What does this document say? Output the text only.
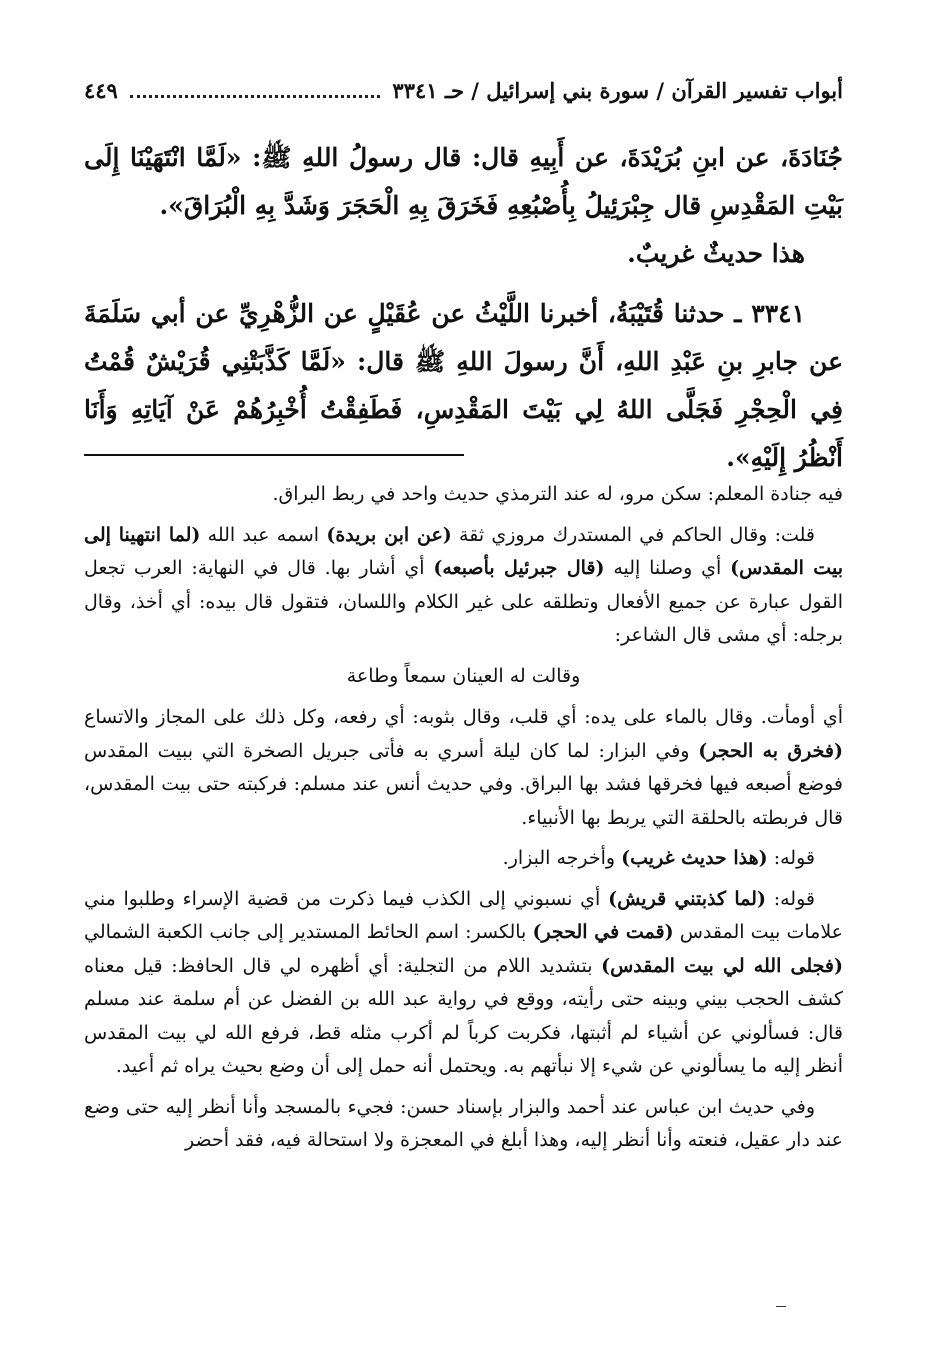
أبواب تفسير القرآن / سورة بني إسرائيل / حـ ٣٣٤١
٤٤٩

جُنَادَةَ، عن ابنِ بُرَيْدَةَ، عن أَبِيهِ قال: قال رسولُ اللهِ ﷺ: «لَمَّا انْتَهَيْنَا إِلَى بَيْتِ المَقْدِسِ قال جِبْرَئِيلُ بِأُصْبُعِهِ فَخَرَقَ بِهِ الْحَجَرَ وَشَدَّ بِهِ الْبُرَاقَ».

هذا حديثٌ غريبٌ.

٣٣٤١ ـ حدثنا قُتَيْبَةُ، أخبرنا اللَّيْثُ عن عُقَيْلٍ عن الزُّهْرِيِّ عن أبي سَلَمَةَ عن جابرِ بنِ عَبْدِ اللهِ، أَنَّ رسولَ اللهِ ﷺ قال: «لَمَّا كَذَّبَتْنِي قُرَيْشٌ قُمْتُ فِي الْحِجْرِ فَجَلَّى اللهُ لِي بَيْتَ المَقْدِسِ، فَطَفِقْتُ أُخْبِرُهُمْ عَنْ آيَاتِهِ وَأَنَا أَنْظُرُ إِلَيْهِ».

فيه جنادة المعلم: سكن مرو، له عند الترمذي حديث واحد في ربط البراق.

قلت: وقال الحاكم في المستدرك مروزي ثقة (عن ابن بريدة) اسمه عبد الله (لما انتهينا إلى بيت المقدس) أي وصلنا إليه (قال جبرئيل بأصبعه) أي أشار بها. قال في النهاية: العرب تجعل القول عبارة عن جميع الأفعال وتطلقه على غير الكلام واللسان، فتقول قال بيده: أي أخذ، وقال برجله: أي مشى قال الشاعر:

وقالت له العينان سمعاً وطاعة

أي أومأت. وقال بالماء على يده: أي قلب، وقال بثوبه: أي رفعه، وكل ذلك على المجاز والاتساع (فخرق به الحجر) وفي البزار: لما كان ليلة أسري به فأتى جبريل الصخرة التي ببيت المقدس فوضع أصبعه فيها فخرقها فشد بها البراق. وفي حديث أنس عند مسلم: فركبته حتى بيت المقدس، قال فربطته بالحلقة التي يربط بها الأنبياء.

قوله: (هذا حديث غريب) وأخرجه البزار.

قوله: (لما كذبتني قريش) أي نسبوني إلى الكذب فيما ذكرت من قضية الإسراء وطلبوا مني علامات بيت المقدس (قمت في الحجر) بالكسر: اسم الحائط المستدير إلى جانب الكعبة الشمالي (فجلى الله لي بيت المقدس) بتشديد اللام من التجلية: أي أظهره لي قال الحافظ: قيل معناه كشف الحجب بيني وبينه حتى رأيته، ووقع في رواية عبد الله بن الفضل عن أم سلمة عند مسلم قال: فسألوني عن أشياء لم أثبتها، فكربت كرباً لم أكرب مثله قط، فرفع الله لي بيت المقدس أنظر إليه ما يسألوني عن شيء إلا نبأتهم به. ويحتمل أنه حمل إلى أن وضع بحيث يراه ثم أعيد.

وفي حديث ابن عباس عند أحمد والبزار بإسناد حسن: فجيء بالمسجد وأنا أنظر إليه حتى وضع عند دار عقيل، فنعته وأنا أنظر إليه، وهذا أبلغ في المعجزة ولا استحالة فيه، فقد أحضر
